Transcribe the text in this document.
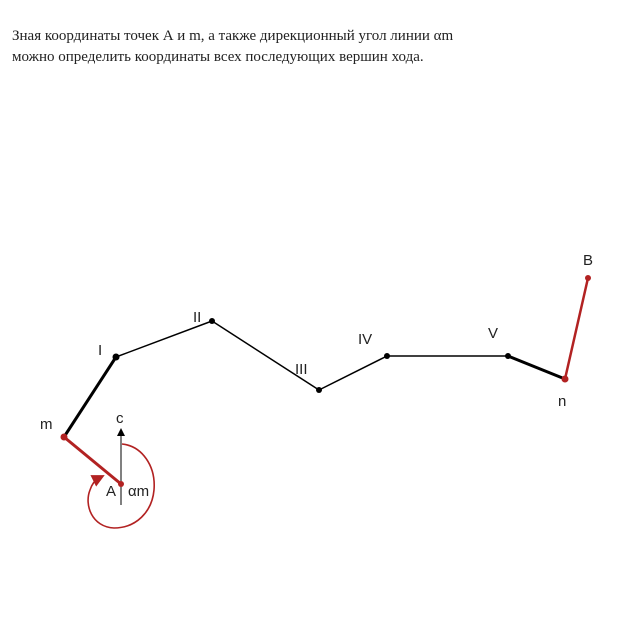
Зная координаты точек А и m, а также дирекционный угол линии αm
можно определить координаты всех последующих вершин хода.
A αm
c
m
I
II
III
IV	V
n
B
